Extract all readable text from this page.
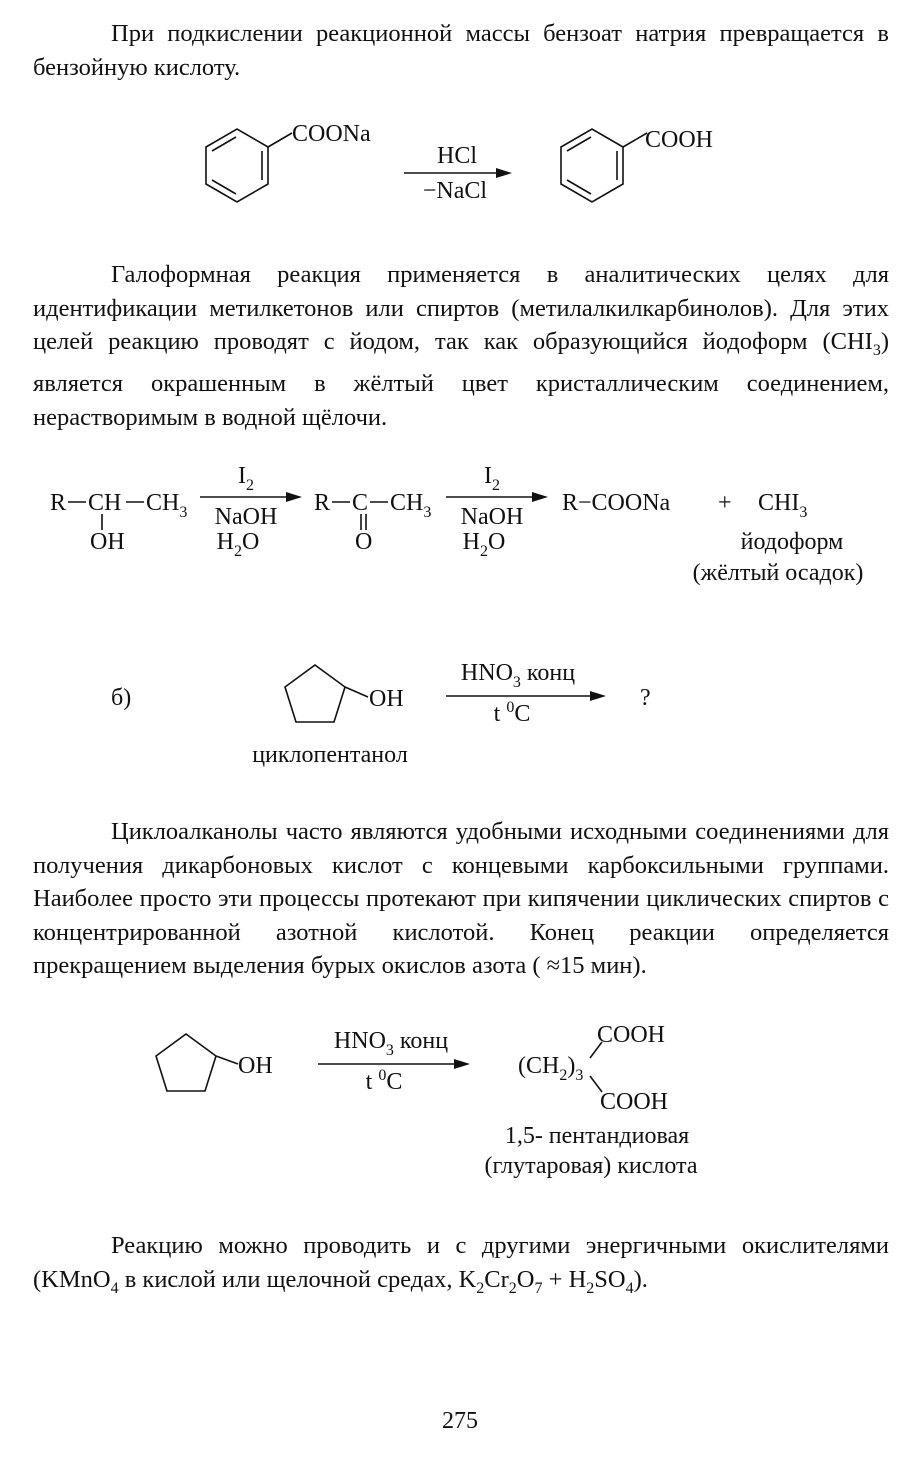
При подкислении реакционной массы бензоат натрия превращается в бензойную кислоту.

COONa
HCl
−NaCl
COOH

Галоформная реакция применяется в аналитических целях для идентификации метилкетонов или спиртов (метилалкилкарбинолов). Для этих целей реакцию проводят с йодом, так как образующийся йодоформ $(CHI_3)$ является окрашенным в жёлтый цвет кристаллическим соединением, нерастворимым в водной щёлочи.

R CH $CH_3$
OH
$I_2$
NaOH
$H_2O$
R C $CH_3$
O
$I_2$
NaOH
$H_2O$
R−COONa + $CHI_3$
йодоформ
(жёлтый осадок)
б)	OH
$HNO_3$ конц
t $^0$C
?
циклопентанол

Циклоалканолы часто являются удобными исходными соединениями для получения дикарбоновых кислот с концевыми карбоксильными группами. Наиболее просто эти процессы протекают при кипячении циклических спиртов с концентрированной азотной кислотой. Конец реакции определяется прекращением выделения бурых окислов азота ( ≈15 мин).

OH
$HNO_3$ конц
t $^0$C
$(CH_2)_3$
COOH
COOH
1,5- пентандиовая
(глутаровая) кислота

Реакцию можно проводить и с другими энергичными окислителями (KMnO$_4$ в кислой или щелочной средах, $K_2Cr_2O_7 + H_2SO_4$).

275
